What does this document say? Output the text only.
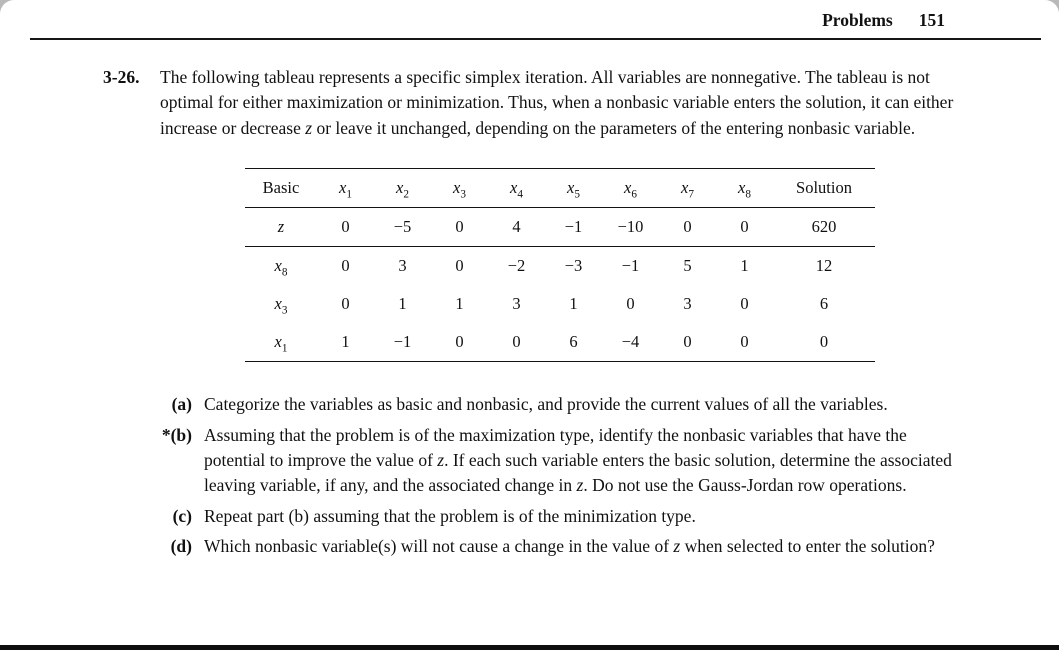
Problems 151
3-26.	The following tableau represents a specific simplex iteration. All variables are nonnegative. The tableau is not optimal for either maximization or minimization. Thus, when a nonbasic variable enters the solution, it can either increase or decrease z or leave it unchanged, depending on the parameters of the entering nonbasic variable.
Basic	$x_1$	$x_2$	$x_3$	$x_4$	$x_5$	$x_6$	$x_7$	$x_8$	Solution
z	0	−5	0	4	−1	−10	0	0	620
$x_8$	0	3	0	−2	−3	−1	5	1	12
$x_3$	0	1	1	3	1	0	3	0	6
$x_1$	1	−1	0	0	6	−4	0	0	0
(a) Categorize the variables as basic and nonbasic, and provide the current values of all the variables.
*(b) Assuming that the problem is of the maximization type, identify the nonbasic variables that have the potential to improve the value of z. If each such variable enters the basic solution, determine the associated leaving variable, if any, and the associated change in z. Do not use the Gauss-Jordan row operations.
(c) Repeat part (b) assuming that the problem is of the minimization type.
(d) Which nonbasic variable(s) will not cause a change in the value of z when selected to enter the solution?
